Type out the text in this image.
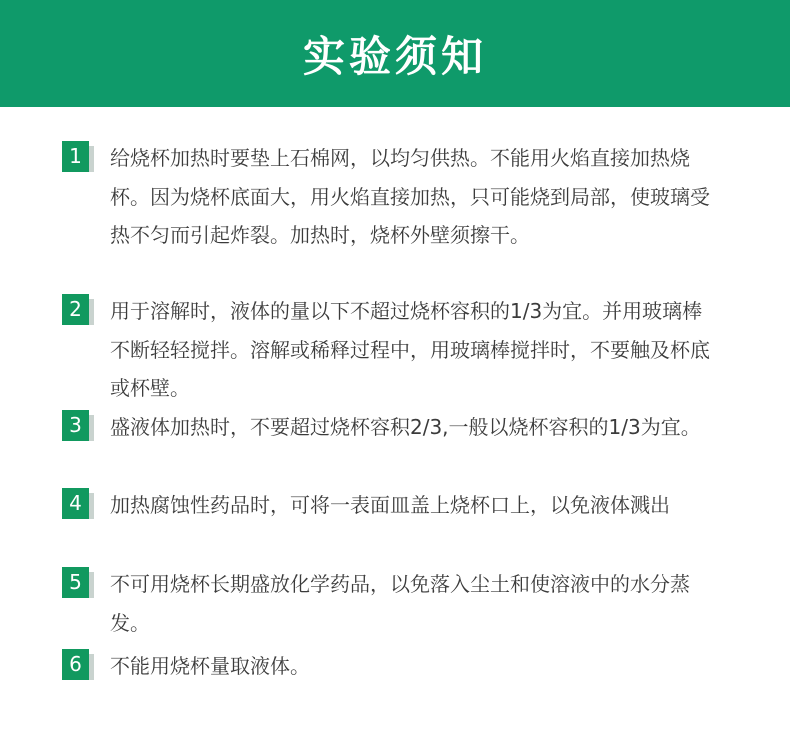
实验须知
1	给烧杯加热时要垫上石棉网，以均匀供热。不能用火焰直接加热烧杯。因为烧杯底面大，用火焰直接加热，只可能烧到局部，使玻璃受热不匀而引起炸裂。加热时，烧杯外壁须擦干。
2	用于溶解时，液体的量以下不超过烧杯容积的1/3为宜。并用玻璃棒不断轻轻搅拌。溶解或稀释过程中，用玻璃棒搅拌时，不要触及杯底或杯壁。
3	盛液体加热时，不要超过烧杯容积2/3,一般以烧杯容积的1/3为宜。
4	加热腐蚀性药品时，可将一表面皿盖上烧杯口上，以免液体溅出
5	不可用烧杯长期盛放化学药品，以免落入尘土和使溶液中的水分蒸发。
6	不能用烧杯量取液体。
